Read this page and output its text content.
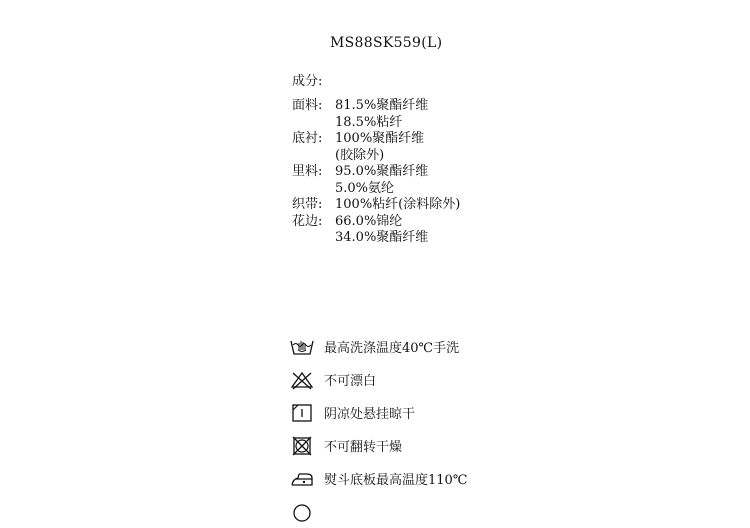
MS88SK559(L)
成分:
面料: 81.5%聚酯纤维
18.5%粘纤
底衬: 100%聚酯纤维
(胶除外)
里料: 95.0%聚酯纤维
5.0%氨纶
织带: 100%粘纤(涂料除外)
花边: 66.0%锦纶
34.0%聚酯纤维
最高洗涤温度40℃手洗
不可漂白
阴凉处悬挂晾干
不可翻转干燥
熨斗底板最高温度110℃
